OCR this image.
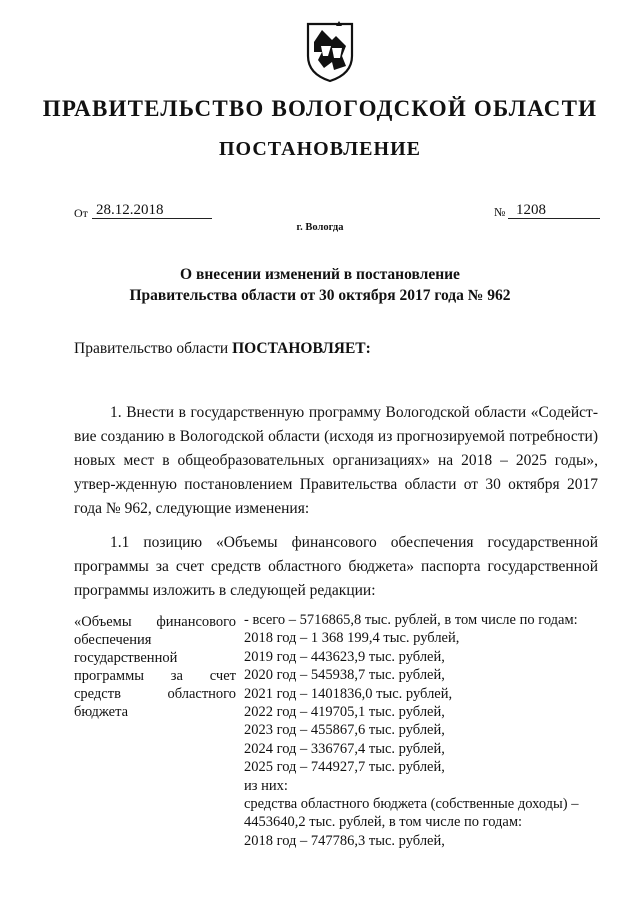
ПРАВИТЕЛЬСТВО ВОЛОГОДСКОЙ ОБЛАСТИ
ПОСТАНОВЛЕНИЕ
От 28.12.2018	№ 1208
г. Вологда
О внесении изменений в постановление
Правительства области от 30 октября 2017 года № 962
Правительство области ПОСТАНОВЛЯЕТ:
1. Внести в государственную программу Вологодской области «Содейст-вие созданию в Вологодской области (исходя из прогнозируемой потребности) новых мест в общеобразовательных организациях» на 2018 – 2025 годы», утвер-жденную постановлением Правительства области от 30 октября 2017 года № 962, следующие изменения:
1.1 позицию «Объемы финансового обеспечения государственной программы за счет средств областного бюджета» паспорта государственной программы изложить в следующей редакции:
«Объемы финансового обеспечения государственной программы за счет средств областного бюджета
- всего – 5716865,8 тыс. рублей, в том числе по годам:
2018 год – 1 368 199,4 тыс. рублей,
2019 год – 443623,9 тыс. рублей,
2020 год – 545938,7 тыс. рублей,
2021 год – 1401836,0 тыс. рублей,
2022 год – 419705,1 тыс. рублей,
2023 год – 455867,6 тыс. рублей,
2024 год – 336767,4 тыс. рублей,
2025 год – 744927,7 тыс. рублей,
из них:
средства областного бюджета (собственные доходы) –
4453640,2 тыс. рублей, в том числе по годам:
2018 год – 747786,3 тыс. рублей,
